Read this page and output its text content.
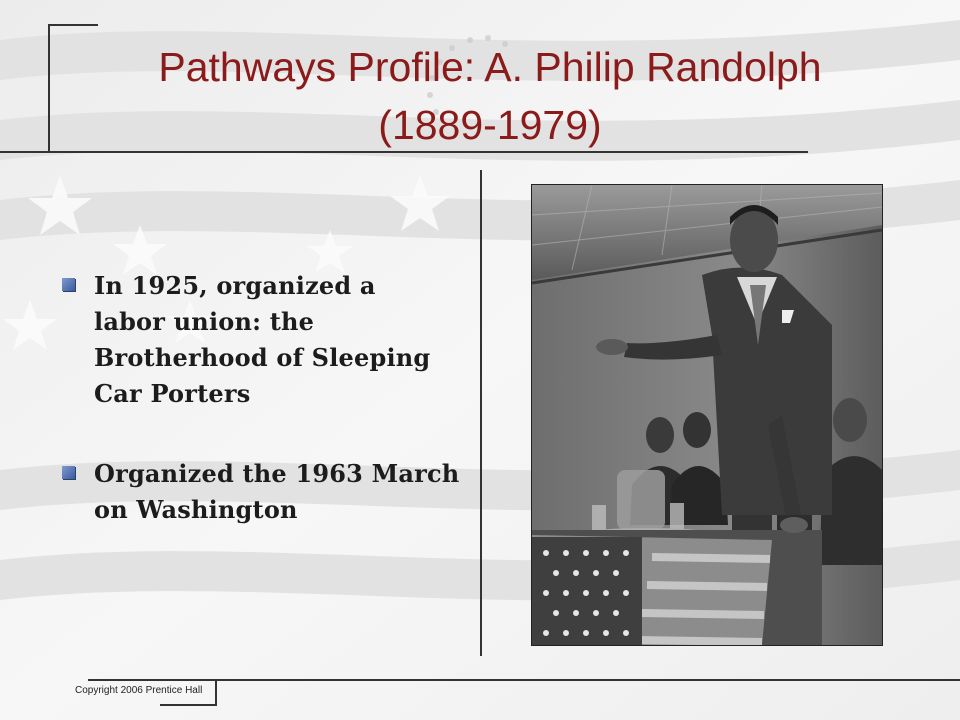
Pathways Profile: A. Philip Randolph
(1889-1979)
In 1925, organized a labor union: the Brotherhood of Sleeping Car Porters
Organized the 1963 March on Washington
Copyright 2006 Prentice Hall
